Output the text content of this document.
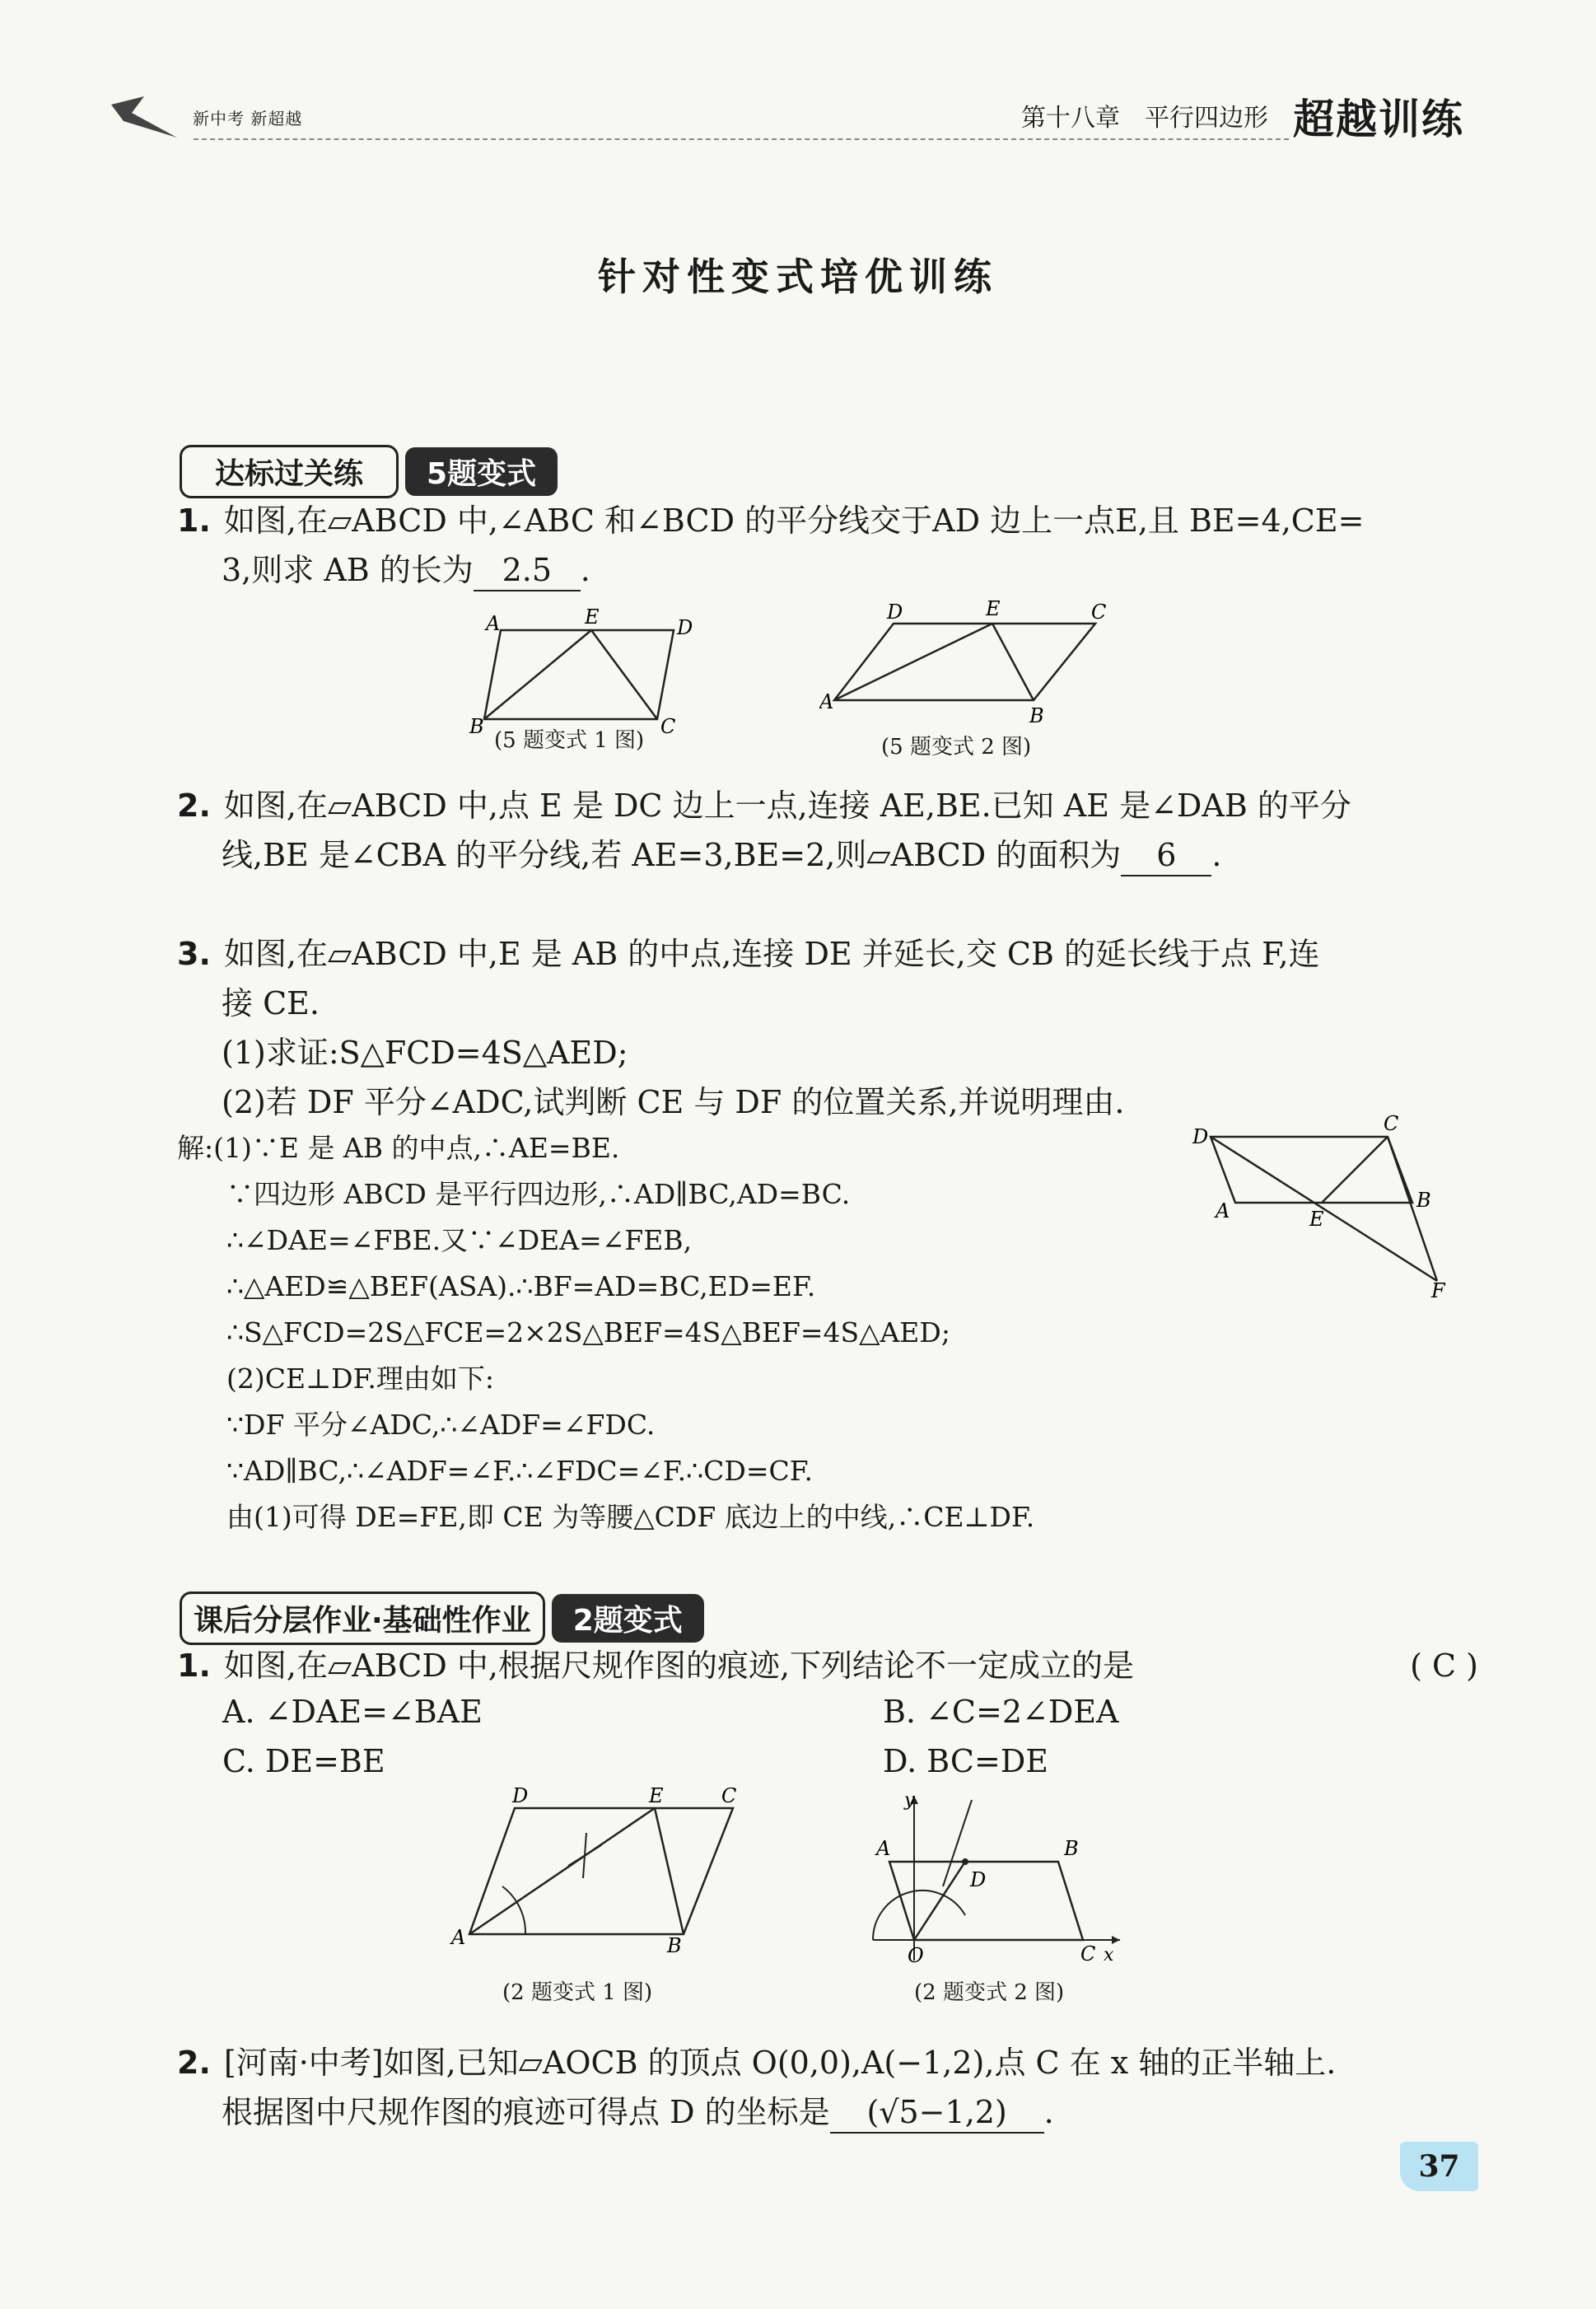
新中考 新超越	第十八章　平行四边形 超越训练
针对性变式培优训练
达标过关练	5题变式
1. 如图,在▱ABCD 中,∠ABC 和∠BCD 的平分线交于AD 边上一点E,且 BE=4,CE=
3,则求 AB 的长为 2.5 .
A	E	D
B	C
(5 题变式 1 图)
D	E	C
A
B
(5 题变式 2 图)
2. 如图,在▱ABCD 中,点 E 是 DC 边上一点,连接 AE,BE.已知 AE 是∠DAB 的平分
线,BE 是∠CBA 的平分线,若 AE=3,BE=2,则▱ABCD 的面积为 6 .
3. 如图,在▱ABCD 中,E 是 AB 的中点,连接 DE 并延长,交 CB 的延长线于点 F,连
接 CE.
(1)求证:S△FCD=4S△AED;
(2)若 DF 平分∠ADC,试判断 CE 与 DF 的位置关系,并说明理由.
解:(1)∵E 是 AB 的中点,∴AE=BE.
∵四边形 ABCD 是平行四边形,∴AD∥BC,AD=BC.
∴∠DAE=∠FBE.又∵∠DEA=∠FEB,
∴△AED≌△BEF(ASA).∴BF=AD=BC,ED=EF.
∴S△FCD=2S△FCE=2×2S△BEF=4S△BEF=4S△AED;
(2)CE⊥DF.理由如下:
∵DF 平分∠ADC,∴∠ADF=∠FDC.
∵AD∥BC,∴∠ADF=∠F.∴∠FDC=∠F.∴CD=CF.
由(1)可得 DE=FE,即 CE 为等腰△CDF 底边上的中线,∴CE⊥DF.
D
C
A	E
B
F
课后分层作业·基础性作业	2题变式
1. 如图,在▱ABCD 中,根据尺规作图的痕迹,下列结论不一定成立的是	( C )
A. ∠DAE=∠BAE	B. ∠C=2∠DEA
C. DE=BE	D. BC=DE
D	E	C
A	B
(2 题变式 1 图)
y
A	B
D
O	C x
(2 题变式 2 图)
2. [河南·中考]如图,已知▱AOCB 的顶点 O(0,0),A(−1,2),点 C 在 x 轴的正半轴上.
根据图中尺规作图的痕迹可得点 D 的坐标是 (√5−1,2) .
37
